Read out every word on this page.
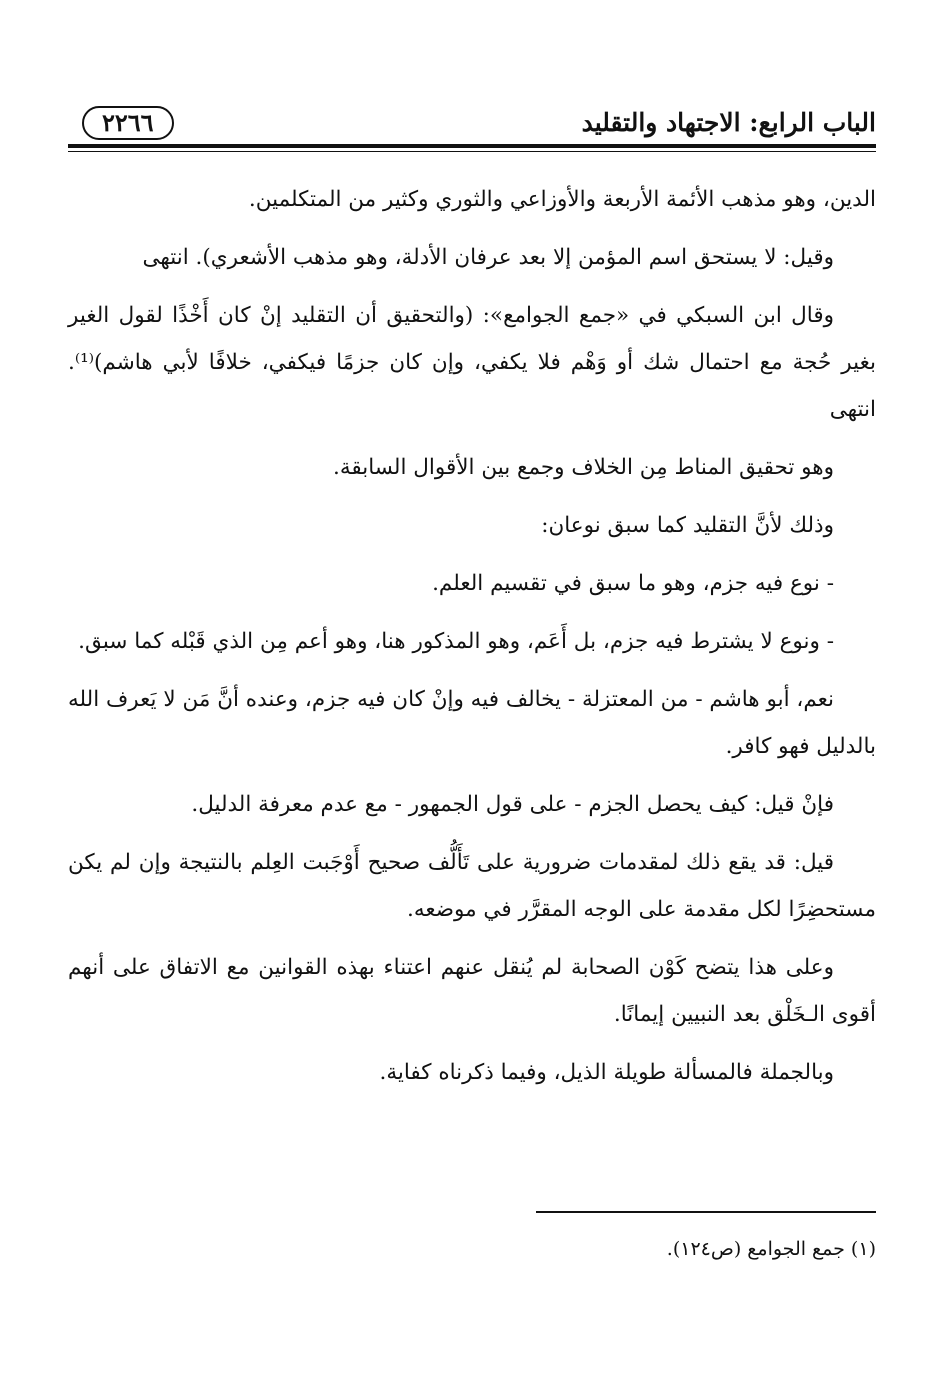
الباب الرابع: الاجتهاد والتقليد
٢٢٦٦

الدين، وهو مذهب الأئمة الأربعة والأوزاعي والثوري وكثير من المتكلمين.

وقيل: لا يستحق اسم المؤمن إلا بعد عرفان الأدلة، وهو مذهب الأشعري). انتهى

وقال ابن السبكي في «جمع الجوامع»: (والتحقيق أن التقليد إنْ كان أَخْذًا لقول الغير بغير حُجة مع احتمال شك أو وَهْم فلا يكفي، وإن كان جزمًا فيكفي، خلافًا لأبي هاشم)⁽¹⁾. انتهى

وهو تحقيق المناط مِن الخلاف وجمع بين الأقوال السابقة.

وذلك لأنَّ التقليد كما سبق نوعان:

- نوع فيه جزم، وهو ما سبق في تقسيم العلم.

- ونوع لا يشترط فيه جزم، بل أَعَم، وهو المذكور هنا، وهو أعم مِن الذي قَبْله كما سبق.

نعم، أبو هاشم - من المعتزلة - يخالف فيه وإنْ كان فيه جزم، وعنده أنَّ مَن لا يَعرف الله بالدليل فهو كافر.

فإنْ قيل: كيف يحصل الجزم - على قول الجمهور - مع عدم معرفة الدليل.

قيل: قد يقع ذلك لمقدمات ضرورية على تَأَلُّف صحيح أَوْجَبت العِلم بالنتيجة وإن لم يكن مستحضِرًا لكل مقدمة على الوجه المقرَّر في موضعه.

وعلى هذا يتضح كَوْن الصحابة لم يُنقل عنهم اعتناء بهذه القوانين مع الاتفاق على أنهم أقوى الـخَلْق بعد النبيين إيمانًا.

وبالجملة فالمسألة طويلة الذيل، وفيما ذكرناه كفاية.

(١) جمع الجوامع (ص١٢٤).
